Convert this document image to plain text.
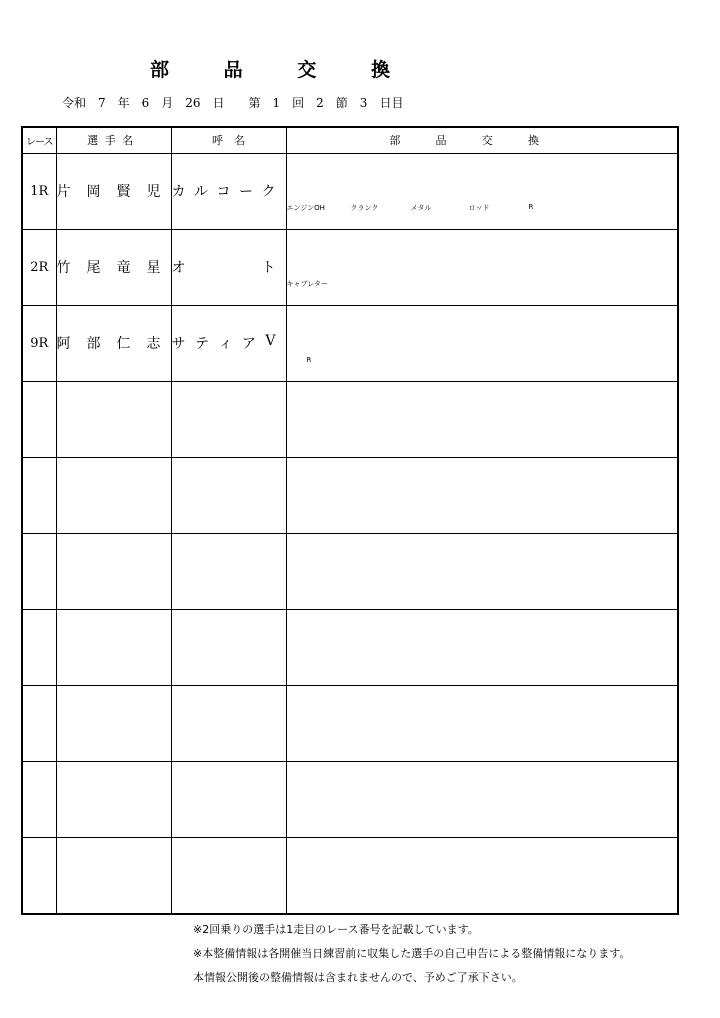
部	品	交	換
令和　7　年　6　月　26　日　　第　1　回　2　節　3　日目
レース	選手名	呼　名	部品交換
1R	片 岡 賢 児	カ ル コ ー ク	エンジンOH クランク メタル ロッド R

2R	竹 尾 竜 星	オ ト	キャブレター

9R	阿 部 仁 志	サ テ ィ ア V	R

※2回乗りの選手は1走目のレース番号を記載しています。
※本整備情報は各開催当日練習前に収集した選手の自己申告による整備情報になります。
本情報公開後の整備情報は含まれませんので、予めご了承下さい。
